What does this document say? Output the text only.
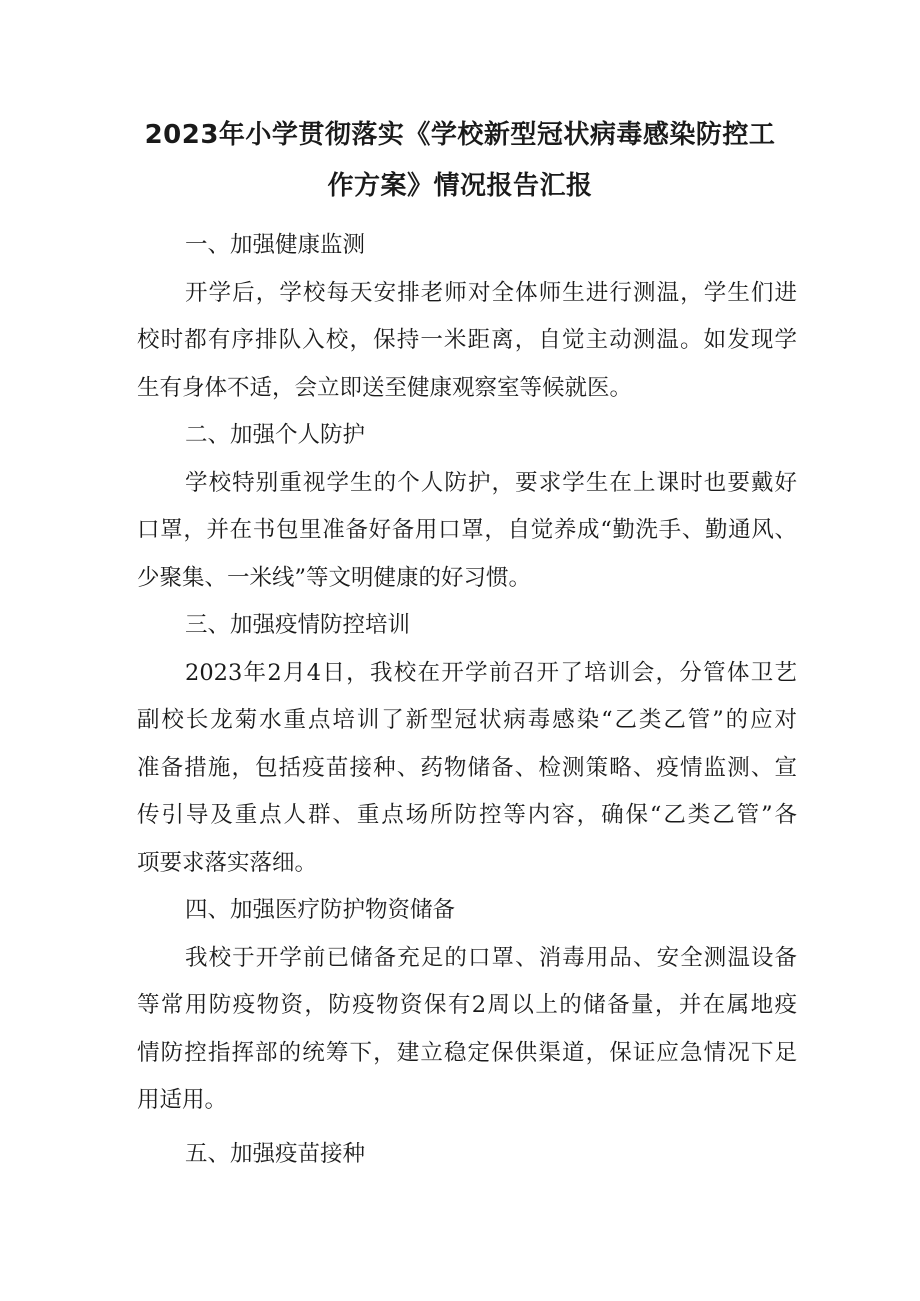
2023年小学贯彻落实《学校新型冠状病毒感染防控工
作方案》情况报告汇报
一、加强健康监测
开学后，学校每天安排老师对全体师生进行测温，学生们进
校时都有序排队入校，保持一米距离，自觉主动测温。如发现学
生有身体不适，会立即送至健康观察室等候就医。
二、加强个人防护
学校特别重视学生的个人防护，要求学生在上课时也要戴好
口罩，并在书包里准备好备用口罩，自觉养成“勤洗手、勤通风、
少聚集、一米线”等文明健康的好习惯。
三、加强疫情防控培训
2023年2月4日，我校在开学前召开了培训会，分管体卫艺
副校长龙菊水重点培训了新型冠状病毒感染“乙类乙管”的应对
准备措施，包括疫苗接种、药物储备、检测策略、疫情监测、宣
传引导及重点人群、重点场所防控等内容，确保“乙类乙管”各
项要求落实落细。
四、加强医疗防护物资储备
我校于开学前已储备充足的口罩、消毒用品、安全测温设备
等常用防疫物资，防疫物资保有2周以上的储备量，并在属地疫
情防控指挥部的统筹下，建立稳定保供渠道，保证应急情况下足
用适用。
五、加强疫苗接种
